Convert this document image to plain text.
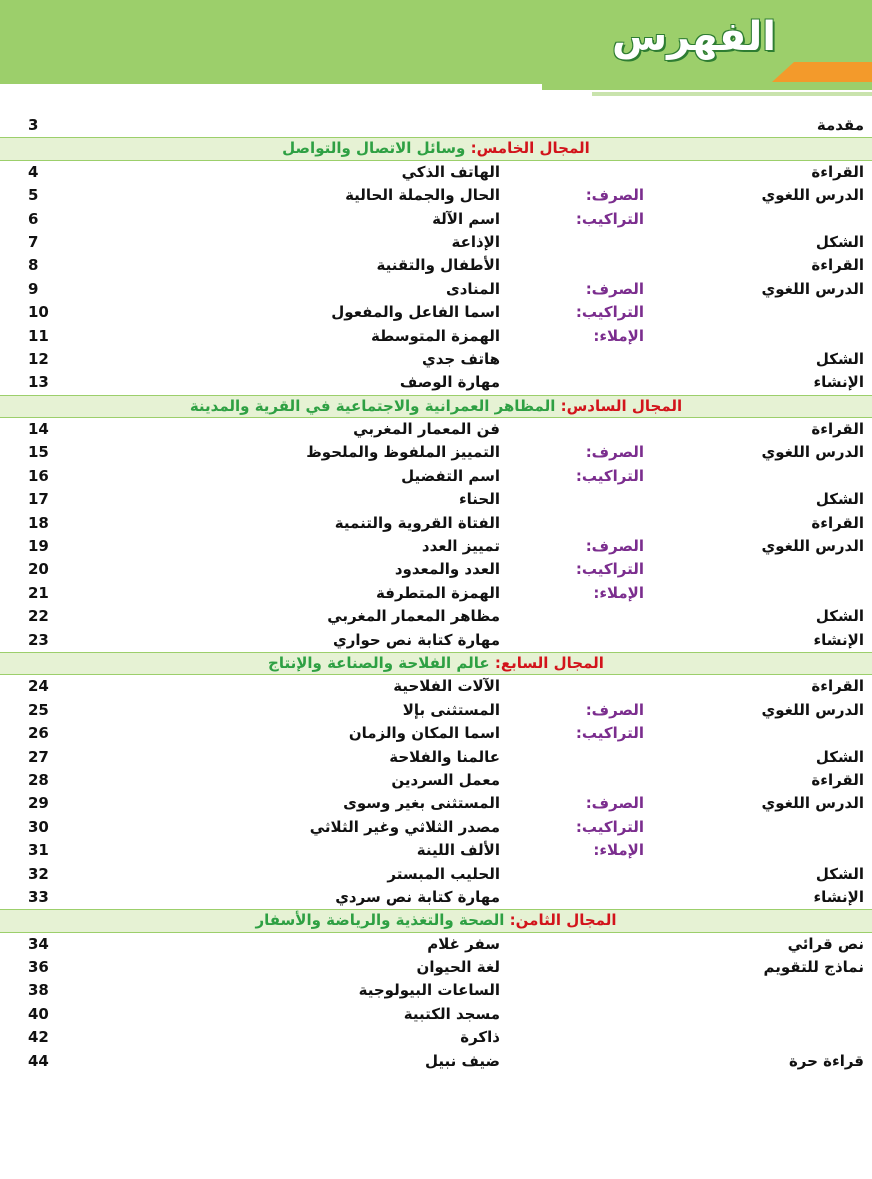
الفهرس
مقدمة
3
المجال الخامس: وسائل الاتصال والتواصل
القراءة
الهاتف الذكي
4
الدرس اللغوي
الصرف:
الحال والجملة الحالية
5
التراكيب:
اسم الآلة
6
الشكل
الإذاعة
7
القراءة
الأطفال والتقنية
8
الدرس اللغوي
الصرف:
المنادى
9
التراكيب:
اسما الفاعل والمفعول
10
الإملاء:
الهمزة المتوسطة
11
الشكل
هاتف جدي
12
الإنشاء
مهارة الوصف
13
المجال السادس: المظاهر العمرانية والاجتماعية في القرية والمدينة
القراءة
فن المعمار المغربي
14
الدرس اللغوي
الصرف:
التمييز الملفوظ والملحوظ
15
التراكيب:
اسم التفضيل
16
الشكل
الحناء
17
القراءة
الفتاة القروية والتنمية
18
الدرس اللغوي
الصرف:
تمييز العدد
19
التراكيب:
العدد والمعدود
20
الإملاء:
الهمزة المتطرفة
21
الشكل
مظاهر المعمار المغربي
22
الإنشاء
مهارة كتابة نص حواري
23
المجال السابع: عالم الفلاحة والصناعة والإنتاج
القراءة
الآلات الفلاحية
24
الدرس اللغوي
الصرف:
المستثنى بإلا
25
التراكيب:
اسما المكان والزمان
26
الشكل
عالمنا والفلاحة
27
القراءة
معمل السردين
28
الدرس اللغوي
الصرف:
المستثنى بغير وسوى
29
التراكيب:
مصدر الثلاثي وغير الثلاثي
30
الإملاء:
الألف اللينة
31
الشكل
الحليب المبستر
32
الإنشاء
مهارة كتابة نص سردي
33
المجال الثامن: الصحة والتغذية والرياضة والأسفار
نص قرائي
سفر غلام
34
نماذج للتقويم
لغة الحيوان
36
الساعات البيولوجية
38
مسجد الكتبية
40
ذاكرة
42
قراءة حرة
ضيف نبيل
44
